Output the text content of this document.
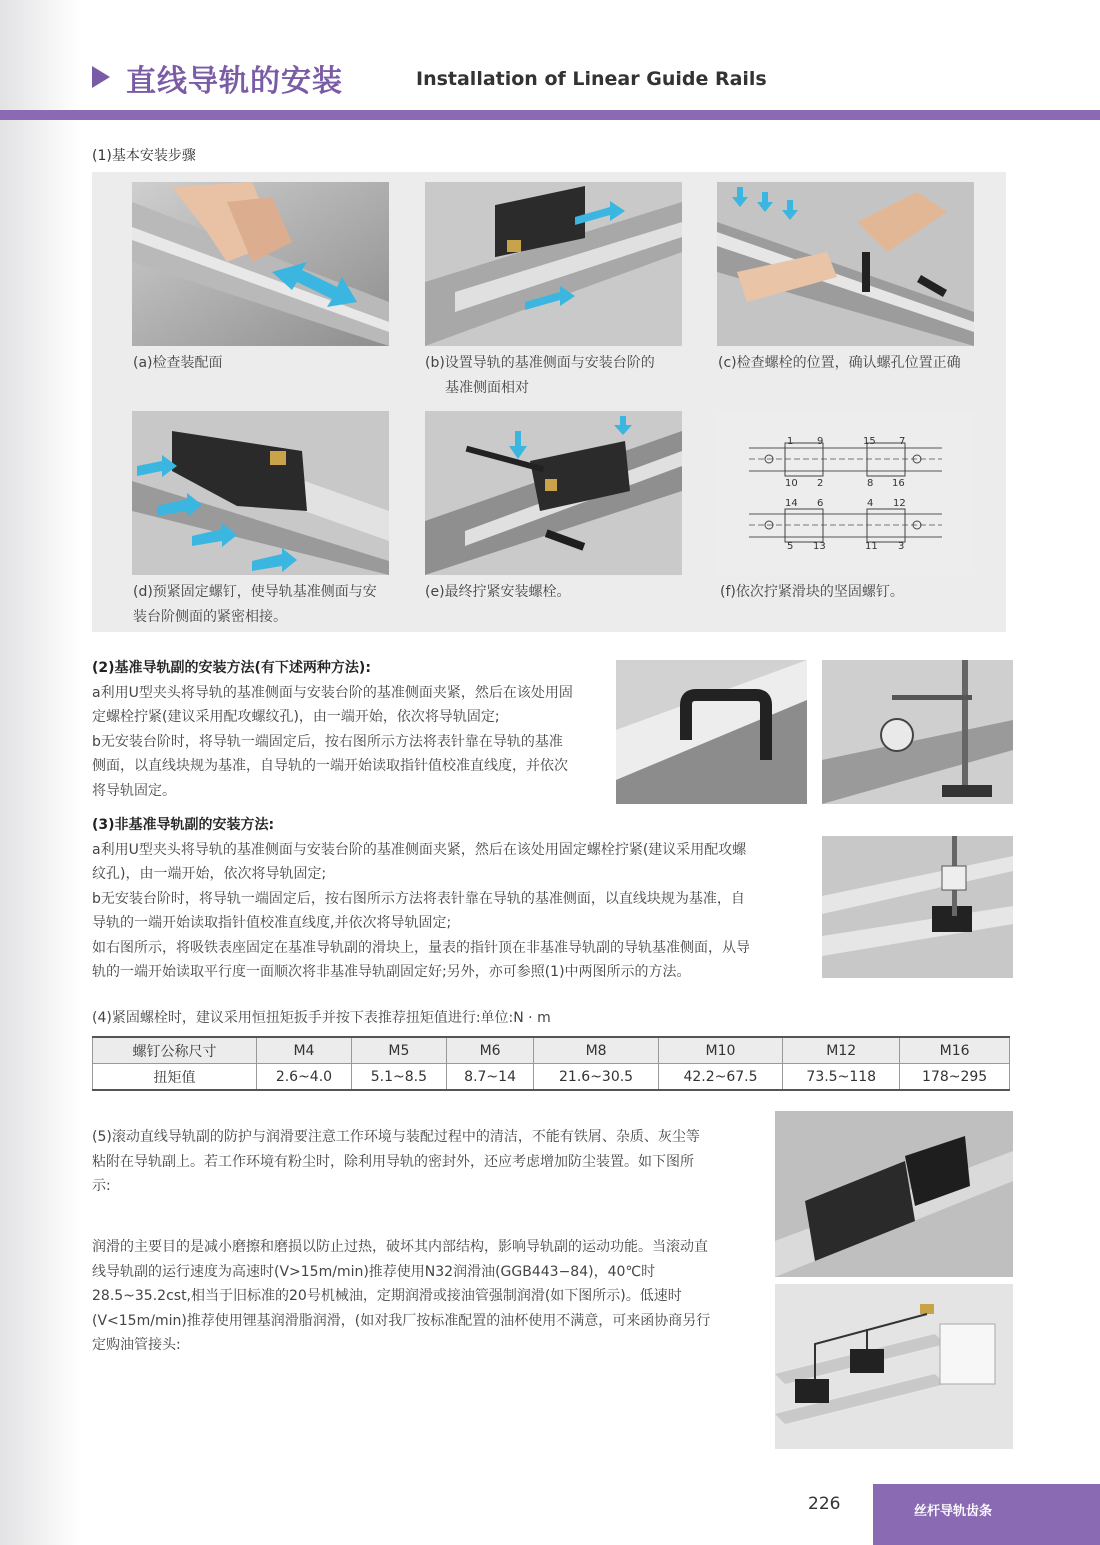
直线导轨的安装	Installation of Linear Guide Rails
(1)基本安装步骤
(a)检查装配面	(b)设置导轨的基准侧面与安装台阶的
基准侧面相对
(c)检查螺栓的位置，确认螺孔位置正确
1 9	15 7
10 2	8 16
14 6	4 12
5 13	11 3
(d)预紧固定螺钉，使导轨基准侧面与安
装台阶侧面的紧密相接。
(e)最终拧紧安装螺栓。	(f)依次拧紧滑块的坚固螺钉。
(2)基准导轨副的安装方法(有下述两种方法):
a利用U型夹头将导轨的基准侧面与安装台阶的基准侧面夹紧，然后在该处用固
定螺栓拧紧(建议采用配攻螺纹孔)，由一端开始，依次将导轨固定;
b无安装台阶时，将导轨一端固定后，按右图所示方法将表针靠在导轨的基准
侧面，以直线块规为基准，自导轨的一端开始读取指针值校准直线度，并依次
将导轨固定。
(3)非基准导轨副的安装方法:
a利用U型夹头将导轨的基准侧面与安装台阶的基准侧面夹紧，然后在该处用固定螺栓拧紧(建议采用配攻螺
纹孔)，由一端开始，依次将导轨固定;
b无安装台阶时，将导轨一端固定后，按右图所示方法将表针靠在导轨的基准侧面，以直线块规为基准，自
导轨的一端开始读取指针值校准直线度,并依次将导轨固定;
如右图所示，将吸铁表座固定在基准导轨副的滑块上，量表的指针顶在非基准导轨副的导轨基准侧面，从导
轨的一端开始读取平行度一面顺次将非基准导轨副固定好;另外，亦可参照(1)中两图所示的方法。
(4)紧固螺栓时，建议采用恒扭矩扳手并按下表推荐扭矩值进行:单位:N · m
螺钉公称尺寸	M4	M5	M6	M8	M10	M12	M16
扭矩值	2.6~4.0	5.1~8.5	8.7~14	21.6~30.5	42.2~67.5	73.5~118	178~295
(5)滚动直线导轨副的防护与润滑要注意工作环境与装配过程中的清洁，不能有铁屑、杂质、灰尘等
粘附在导轨副上。若工作环境有粉尘时，除利用导轨的密封外，还应考虑增加防尘装置。如下图所
示:
润滑的主要目的是减小磨擦和磨损以防止过热，破坏其内部结构，影响导轨副的运动功能。当滚动直
线导轨副的运行速度为高速时(V>15m/min)推荐使用N32润滑油(GGB443−84)，40℃时
28.5~35.2cst,相当于旧标准的20号机械油，定期润滑或接油管强制润滑(如下图所示)。低速时
(V<15m/min)推荐使用锂基润滑脂润滑，(如对我厂按标准配置的油杯使用不满意，可来函协商另行
定购油管接头:
226	丝杆导轨齿条
